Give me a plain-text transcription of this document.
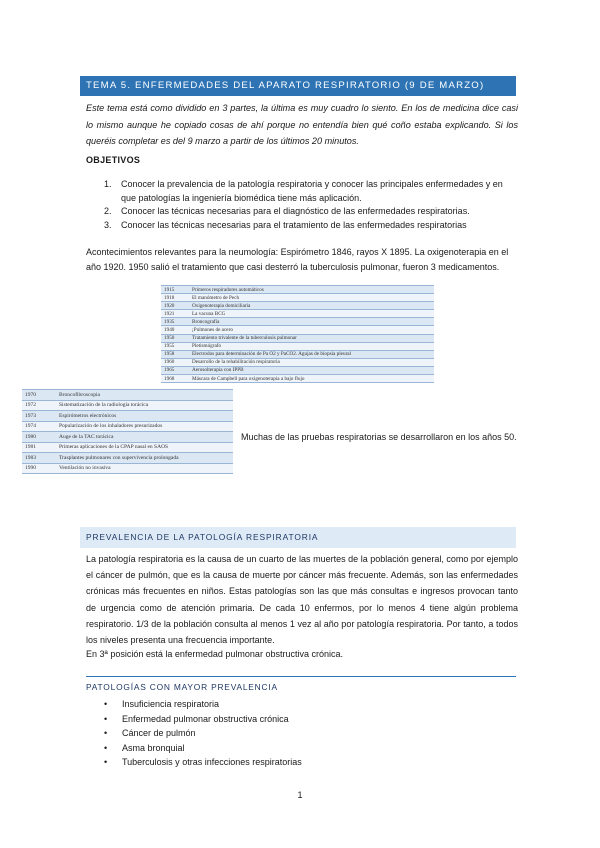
TEMA 5. ENFERMEDADES DEL APARATO RESPIRATORIO (9 DE MARZO)

Este tema está como dividido en 3 partes, la última es muy cuadro lo siento. En los de medicina dice casi lo mismo aunque he copiado cosas de ahí porque no entendía bien qué coño estaba explicando. Si los queréis completar es del 9 marzo a partir de los últimos 20 minutos.

OBJETIVOS
1.	Conocer la prevalencia de la patología respiratoria y conocer las principales enfermedades y en que patologías la ingeniería biomédica tiene más aplicación.
2.	Conocer las técnicas necesarias para el diagnóstico de las enfermedades respiratorias.
3.	Conocer las técnicas necesarias para el tratamiento de las enfermedades respiratorias

Acontecimientos relevantes para la neumología: Espirómetro 1846, rayos X 1895. La oxigenoterapia en el año 1920. 1950 salió el tratamiento que casi desterró la tuberculosis pulmonar, fueron 3 medicamentos.

1915	Primeros respiradores automáticos
1918	El manómetro de Pech
1920	Oxigenoterapia domiciliaria
1921	La vacuna BCG
1935	Broncografía
1940	¡Pulmones de acero
1950	Tratamiento trivalente de la tuberculosis pulmonar
1955	Pletismógrafo
1958	Electrodos para determinación de Pa O2 y PaCO2. Agujas de biopsia pleural
1960	Desarrollo de la rehabilitación respiratoria
1965	Aerosolterapia con IPPB
1968	Máscara de Campbell para oxigenoterapia a bajo flujo
1970	Broncofibroscopia
1972	Sistematización de la radiología torácica
1973	Espirómetros electrónicos
1974	Popularización de los inhaladores presurizados
1980	Auge de la TAC torácica
1981	Primeras aplicaciones de la CPAP nasal en SAOS
1983	Trasplantes pulmonares con supervivencia prolongada
1990	Ventilación no invasiva
Muchas de las pruebas respiratorias se desarrollaron en los años 50.
PREVALENCIA DE LA PATOLOGÍA RESPIRATORIA

La patología respiratoria es la causa de un cuarto de las muertes de la población general, como por ejemplo el cáncer de pulmón, que es la causa de muerte por cáncer más frecuente. Además, son las enfermedades crónicas más frecuentes en niños. Estas patologías son las que más consultas e ingresos provocan tanto de urgencia como de atención primaria. De cada 10 enfermos, por lo menos 4 tiene algún problema respiratorio. 1/3 de la población consulta al menos 1 vez al año por patología respiratoria. Por tanto, a todos los niveles presenta una frecuencia importante.

En 3ª posición está la enfermedad pulmonar obstructiva crónica.

PATOLOGÍAS CON MAYOR PREVALENCIA
•	Insuficiencia respiratoria
•	Enfermedad pulmonar obstructiva crónica
•	Cáncer de pulmón
•	Asma bronquial
•	Tuberculosis y otras infecciones respiratorias
1
